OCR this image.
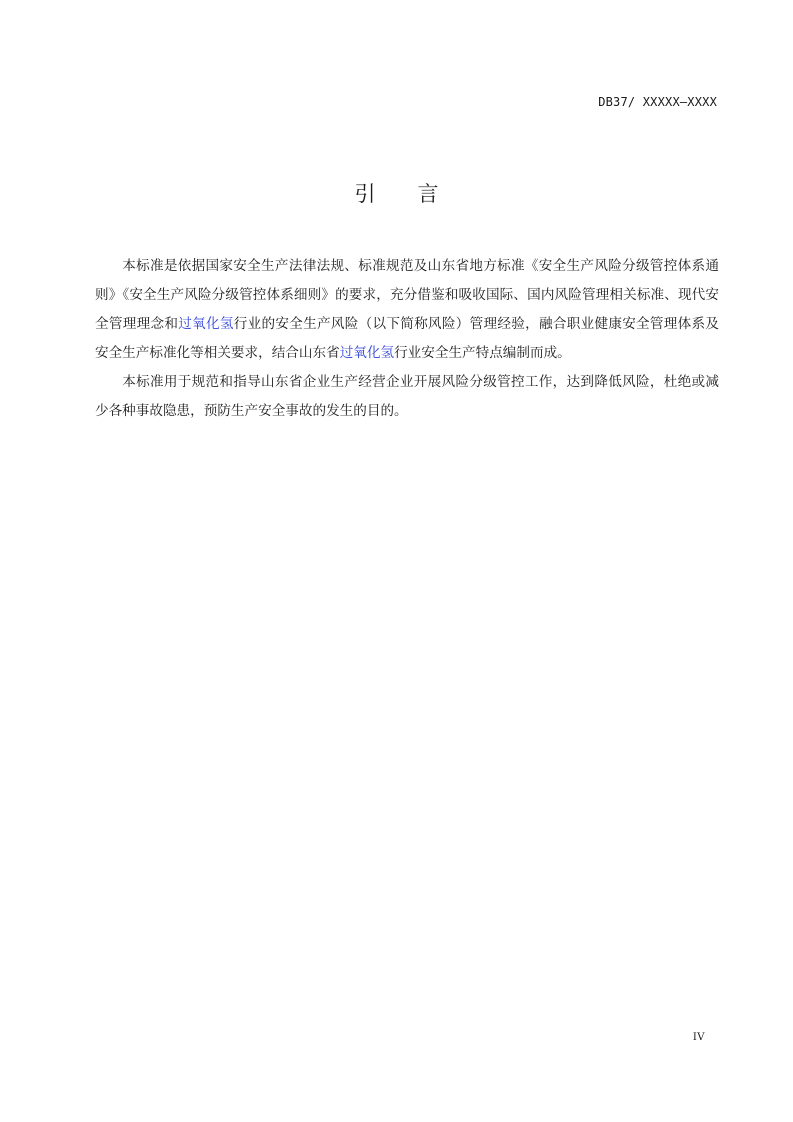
DB37/ XXXXX—XXXX
引 言

本标准是依据国家安全生产法律法规、标准规范及山东省地方标准《安全生产风险分级管控体系通则》《安全生产风险分级管控体系细则》的要求，充分借鉴和吸收国际、国内风险管理相关标准、现代安全管理理念和过氧化氢行业的安全生产风险（以下简称风险）管理经验，融合职业健康安全管理体系及安全生产标准化等相关要求，结合山东省过氧化氢行业安全生产特点编制而成。

本标准用于规范和指导山东省企业生产经营企业开展风险分级管控工作，达到降低风险，杜绝或减少各种事故隐患，预防生产安全事故的发生的目的。

IV
